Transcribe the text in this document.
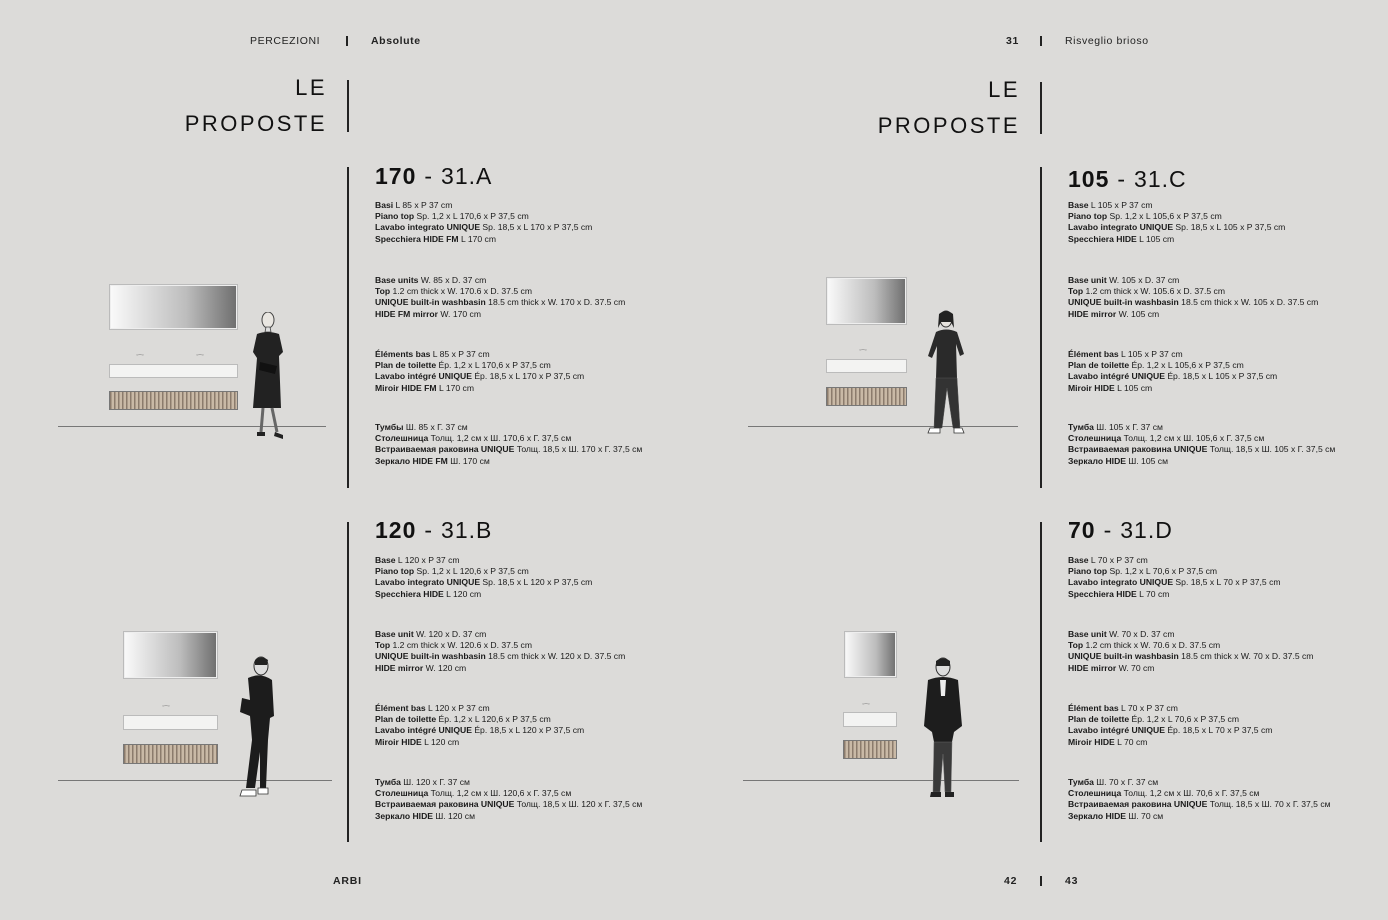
PERCEZIONI	Absolute	31	Risveglio brioso
LE
PROPOSTE
LE
PROPOSTE
170 - 31.A
Basi L 85 x P 37 cm
Piano top Sp. 1,2 x L 170,6 x P 37,5 cm
Lavabo integrato UNIQUE Sp. 18,5 x L 170 x P 37,5 cm
Specchiera HIDE FM L 170 cm
Base units W. 85 x D. 37 cm
Top 1.2 cm thick x W. 170.6 x D. 37.5 cm
UNIQUE built-in washbasin 18.5 cm thick x W. 170 x D. 37.5 cm
HIDE FM mirror W. 170 cm
Éléments bas L 85 x P 37 cm
Plan de toilette Ép. 1,2 x L 170,6 x P 37,5 cm
Lavabo intégré UNIQUE Ép. 18,5 x L 170 x P 37,5 cm
Miroir HIDE FM L 170 cm
Тумбы Ш. 85 x Г. 37 см
Столешница Толщ. 1,2 см x Ш. 170,6 x Г. 37,5 см
Встраиваемая раковина UNIQUE Толщ. 18,5 x Ш. 170 x Г. 37,5 см
Зеркало HIDE FM Ш. 170 см
◦᠆◦	◦᠆◦
120 - 31.B
Base L 120 x P 37 cm
Piano top Sp. 1,2 x L 120,6 x P 37,5 cm
Lavabo integrato UNIQUE Sp. 18,5 x L 120 x P 37,5 cm
Specchiera HIDE L 120 cm
Base unit W. 120 x D. 37 cm
Top 1.2 cm thick x W. 120.6 x D. 37.5 cm
UNIQUE built-in washbasin 18.5 cm thick x W. 120 x D. 37.5 cm
HIDE mirror W. 120 cm
Élément bas L 120 x P 37 cm
Plan de toilette Ép. 1,2 x L 120,6 x P 37,5 cm
Lavabo intégré UNIQUE Ép. 18,5 x L 120 x P 37,5 cm
Miroir HIDE L 120 cm
Тумба Ш. 120 x Г. 37 см
Столешница Толщ. 1,2 см x Ш. 120,6 x Г. 37,5 см
Встраиваемая раковина UNIQUE Толщ. 18,5 x Ш. 120 x Г. 37,5 см
Зеркало HIDE Ш. 120 см
◦᠆◦
105 - 31.C
Base L 105 x P 37 cm
Piano top Sp. 1,2 x L 105,6 x P 37,5 cm
Lavabo integrato UNIQUE Sp. 18,5 x L 105 x P 37,5 cm
Specchiera HIDE L 105 cm
Base unit W. 105 x D. 37 cm
Top 1.2 cm thick x W. 105.6 x D. 37.5 cm
UNIQUE built-in washbasin 18.5 cm thick x W. 105 x D. 37.5 cm
HIDE mirror W. 105 cm
Élément bas L 105 x P 37 cm
Plan de toilette Ép. 1,2 x L 105,6 x P 37,5 cm
Lavabo intégré UNIQUE Ép. 18,5 x L 105 x P 37,5 cm
Miroir HIDE L 105 cm
Тумба Ш. 105 x Г. 37 см
Столешница Толщ. 1,2 см x Ш. 105,6 x Г. 37,5 см
Встраиваемая раковина UNIQUE Толщ. 18,5 x Ш. 105 x Г. 37,5 см
Зеркало HIDE Ш. 105 см
◦᠆◦
70 - 31.D
Base L 70 x P 37 cm
Piano top Sp. 1,2 x L 70,6 x P 37,5 cm
Lavabo integrato UNIQUE Sp. 18,5 x L 70 x P 37,5 cm
Specchiera HIDE L 70 cm
Base unit W. 70 x D. 37 cm
Top 1.2 cm thick x W. 70.6 x D. 37.5 cm
UNIQUE built-in washbasin 18.5 cm thick x W. 70 x D. 37.5 cm
HIDE mirror W. 70 cm
Élément bas L 70 x P 37 cm
Plan de toilette Ép. 1,2 x L 70,6 x P 37,5 cm
Lavabo intégré UNIQUE Ép. 18,5 x L 70 x P 37,5 cm
Miroir HIDE L 70 cm
Тумба Ш. 70 x Г. 37 см
Столешница Толщ. 1,2 см x Ш. 70,6 x Г. 37,5 см
Встраиваемая раковина UNIQUE Толщ. 18,5 x Ш. 70 x Г. 37,5 см
Зеркало HIDE Ш. 70 см
◦᠆◦
ARBI	42	43
